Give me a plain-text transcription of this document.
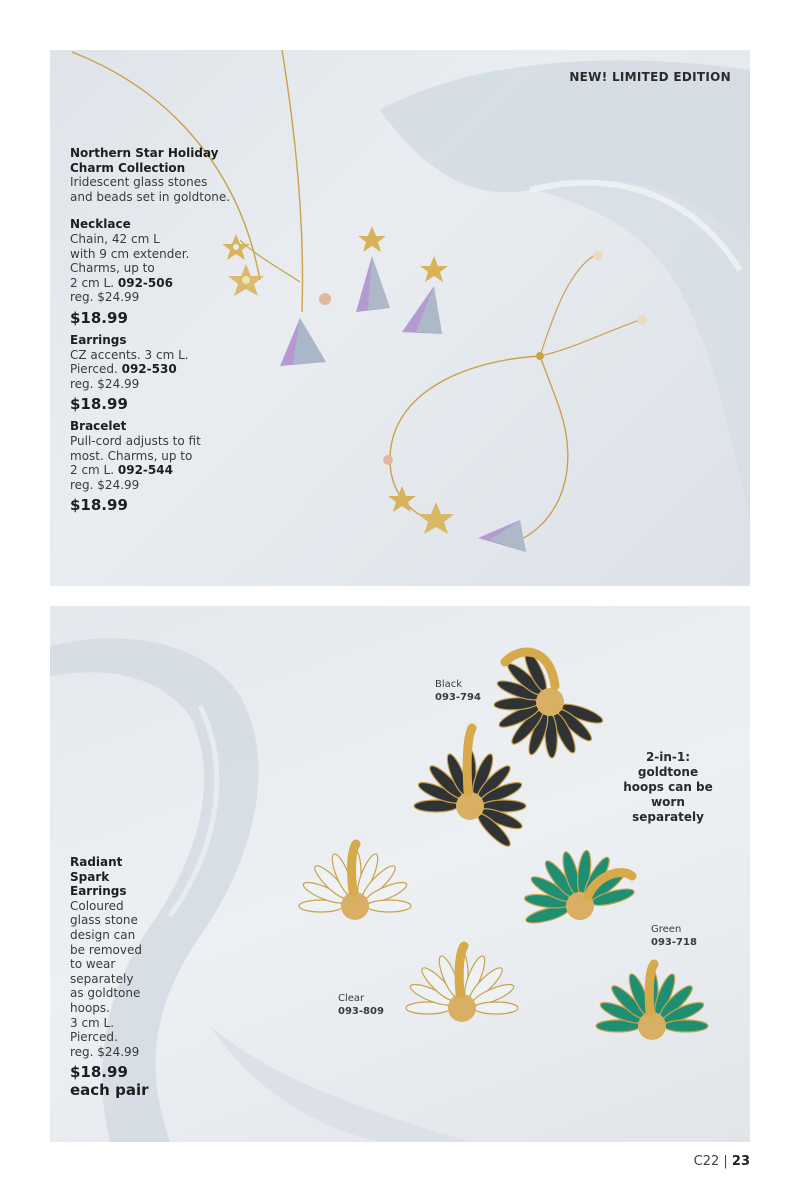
NEW! LIMITED EDITION
Northern Star Holiday
Charm Collection
Iridescent glass stones
and beads set in goldtone.
Necklace
Chain, 42 cm L
with 9 cm extender.
Charms, up to
2 cm L. 092-506
reg. $24.99
$18.99
Earrings
CZ accents. 3 cm L.
Pierced. 092-530
reg. $24.99
$18.99
Bracelet
Pull-cord adjusts to fit
most. Charms, up to
2 cm L. 092-544
reg. $24.99
$18.99
Black
093-794
Green
093-718
Clear
093-809
2-in-1:
goldtone
hoops can be
worn
separately
Radiant
Spark
Earrings
Coloured
glass stone
design can
be removed
to wear
separately
as goldtone
hoops.
3 cm L.
Pierced.
reg. $24.99
$18.99
each pair
C22 | 23
